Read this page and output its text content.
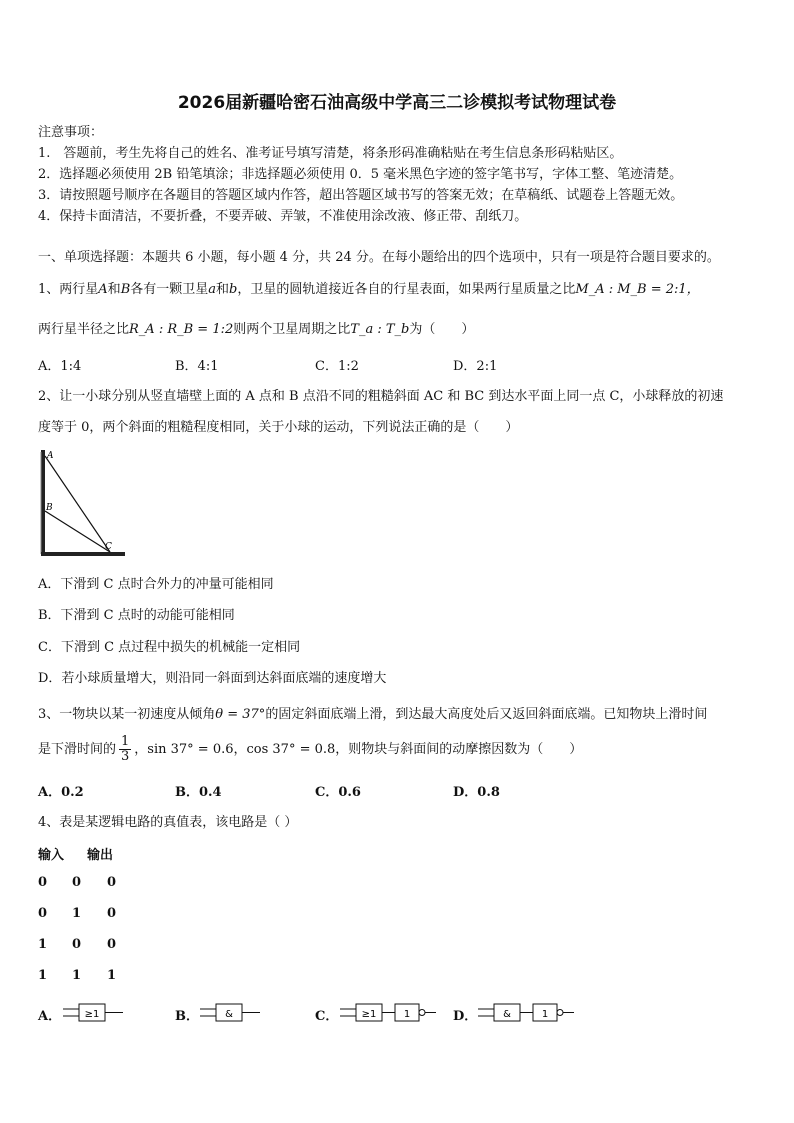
2026届新疆哈密石油高级中学高三二诊模拟考试物理试卷
注意事项：
1.　答题前，考生先将自己的姓名、准考证号填写清楚，将条形码准确粘贴在考生信息条形码粘贴区。
2．选择题必须使用 2B 铅笔填涂；非选择题必须使用 0．5 毫米黑色字迹的签字笔书写，字体工整、笔迹清楚。
3．请按照题号顺序在各题目的答题区域内作答，超出答题区域书写的答案无效；在草稿纸、试题卷上答题无效。
4．保持卡面清洁，不要折叠，不要弄破、弄皱，不准使用涂改液、修正带、刮纸刀。
一、单项选择题：本题共 6 小题，每小题 4 分，共 24 分。在每小题给出的四个选项中，只有一项是符合题目要求的。
1、两行星A和B各有一颗卫星a和b，卫星的圆轨道接近各自的行星表面，如果两行星质量之比M_A : M_B = 2:1，
两行星半径之比R_A : R_B = 1:2则两个卫星周期之比T_a : T_b为（　　）
A．1:4	B．4:1	C．1:2	D．2:1
2、让一小球分别从竖直墙壁上面的 A 点和 B 点沿不同的粗糙斜面 AC 和 BC 到达水平面上同一点 C，小球释放的初速
度等于 0，两个斜面的粗糙程度相同，关于小球的运动，下列说法正确的是（　　）
A
B
C
A．下滑到 C 点时合外力的冲量可能相同
B．下滑到 C 点时的动能可能相同
C．下滑到 C 点过程中损失的机械能一定相同
D．若小球质量增大，则沿同一斜面到达斜面底端的速度增大
3、一物块以某一初速度从倾角θ = 37°的固定斜面底端上滑，到达最大高度处后又返回斜面底端。已知物块上滑时间
是下滑时间的 $\frac{1}{3}$ ，sin 37° = 0.6，cos 37° = 0.8，则物块与斜面间的动摩擦因数为（　　）
A．0.2	B．0.4	C．0.6	D．0.8
4、表是某逻辑电路的真值表，该电路是（ ）
输入 输出
0 0 0
0 1 0
1 0 0
1 1 1
A． ≥1	B．	&	C． ≥1	1	D．	&	1
